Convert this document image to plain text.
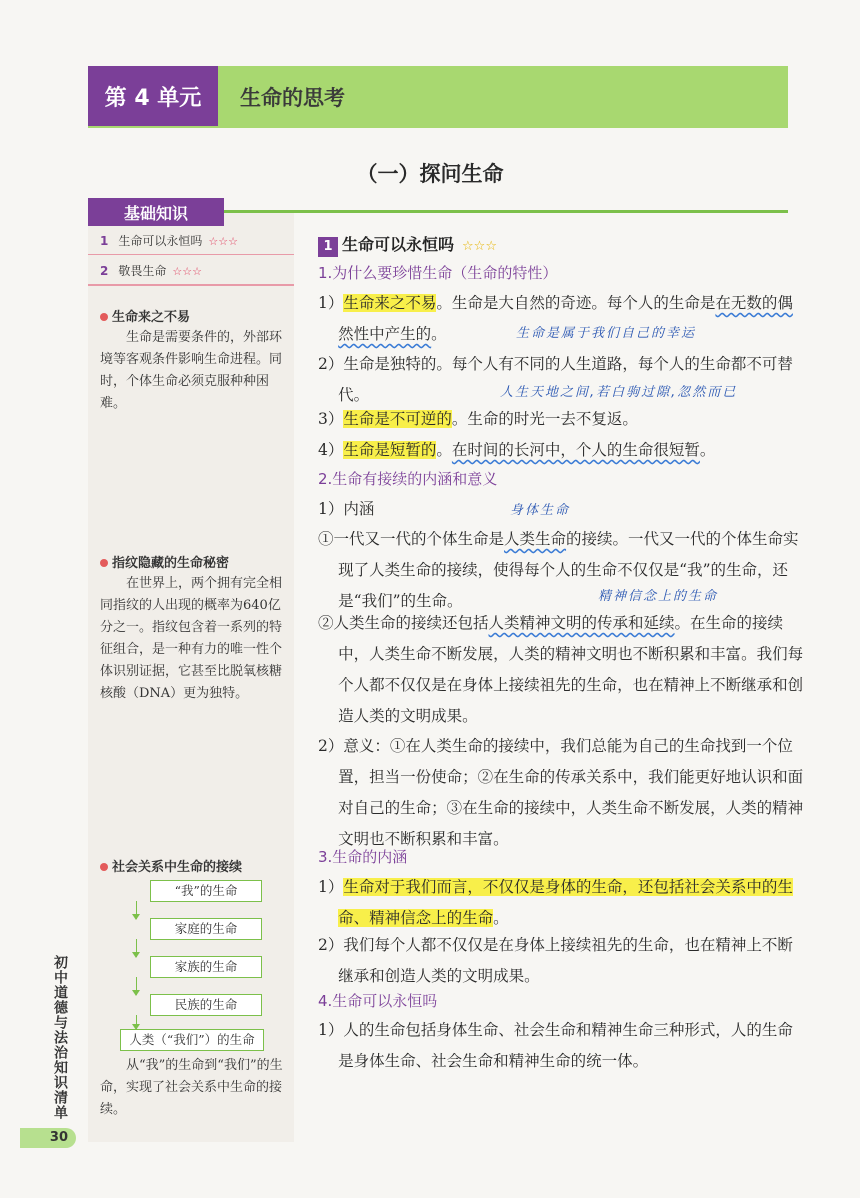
第 4 单元	生命的思考
（一）探问生命
基础知识
1 生命可以永恒吗 ☆☆☆
2 敬畏生命 ☆☆☆
生命来之不易
生命是需要条件的，外部环境等客观条件影响生命进程。同时，个体生命必须克服种种困难。
指纹隐藏的生命秘密
在世界上，两个拥有完全相同指纹的人出现的概率为640亿分之一。指纹包含着一系列的特征组合，是一种有力的唯一性个体识别证据，它甚至比脱氧核糖核酸（DNA）更为独特。
社会关系中生命的接续
“我”的生命
家庭的生命
家族的生命
民族的生命
人类（“我们”）的生命
从“我”的生命到“我们”的生命，实现了社会关系中生命的接续。
初中道德与法治知识清单
30
1 生命可以永恒吗 ☆☆☆
1.为什么要珍惜生命（生命的特性）
1）生命来之不易。生命是大自然的奇迹。每个人的生命是在无数的偶然性中产生的。	生命是属于我们自己的幸运
2）生命是独特的。每个人有不同的人生道路，每个人的生命都不可替代。	人生天地之间,若白驹过隙,忽然而已
3）生命是不可逆的。生命的时光一去不复返。
4）生命是短暂的。在时间的长河中，个人的生命很短暂。
2.生命有接续的内涵和意义
1）内涵	身体生命
①一代又一代的个体生命是人类生命的接续。一代又一代的个体生命实现了人类生命的接续，使得每个人的生命不仅仅是“我”的生命，还是“我们”的生命。	精神信念上的生命
②人类生命的接续还包括人类精神文明的传承和延续。在生命的接续中，人类生命不断发展，人类的精神文明也不断积累和丰富。我们每个人都不仅仅是在身体上接续祖先的生命，也在精神上不断继承和创造人类的文明成果。
2）意义：①在人类生命的接续中，我们总能为自己的生命找到一个位置，担当一份使命；②在生命的传承关系中，我们能更好地认识和面对自己的生命；③在生命的接续中，人类生命不断发展，人类的精神文明也不断积累和丰富。
3.生命的内涵
1）生命对于我们而言，不仅仅是身体的生命，还包括社会关系中的生命、精神信念上的生命。
2）我们每个人都不仅仅是在身体上接续祖先的生命，也在精神上不断继承和创造人类的文明成果。
4.生命可以永恒吗
1）人的生命包括身体生命、社会生命和精神生命三种形式，人的生命是身体生命、社会生命和精神生命的统一体。
